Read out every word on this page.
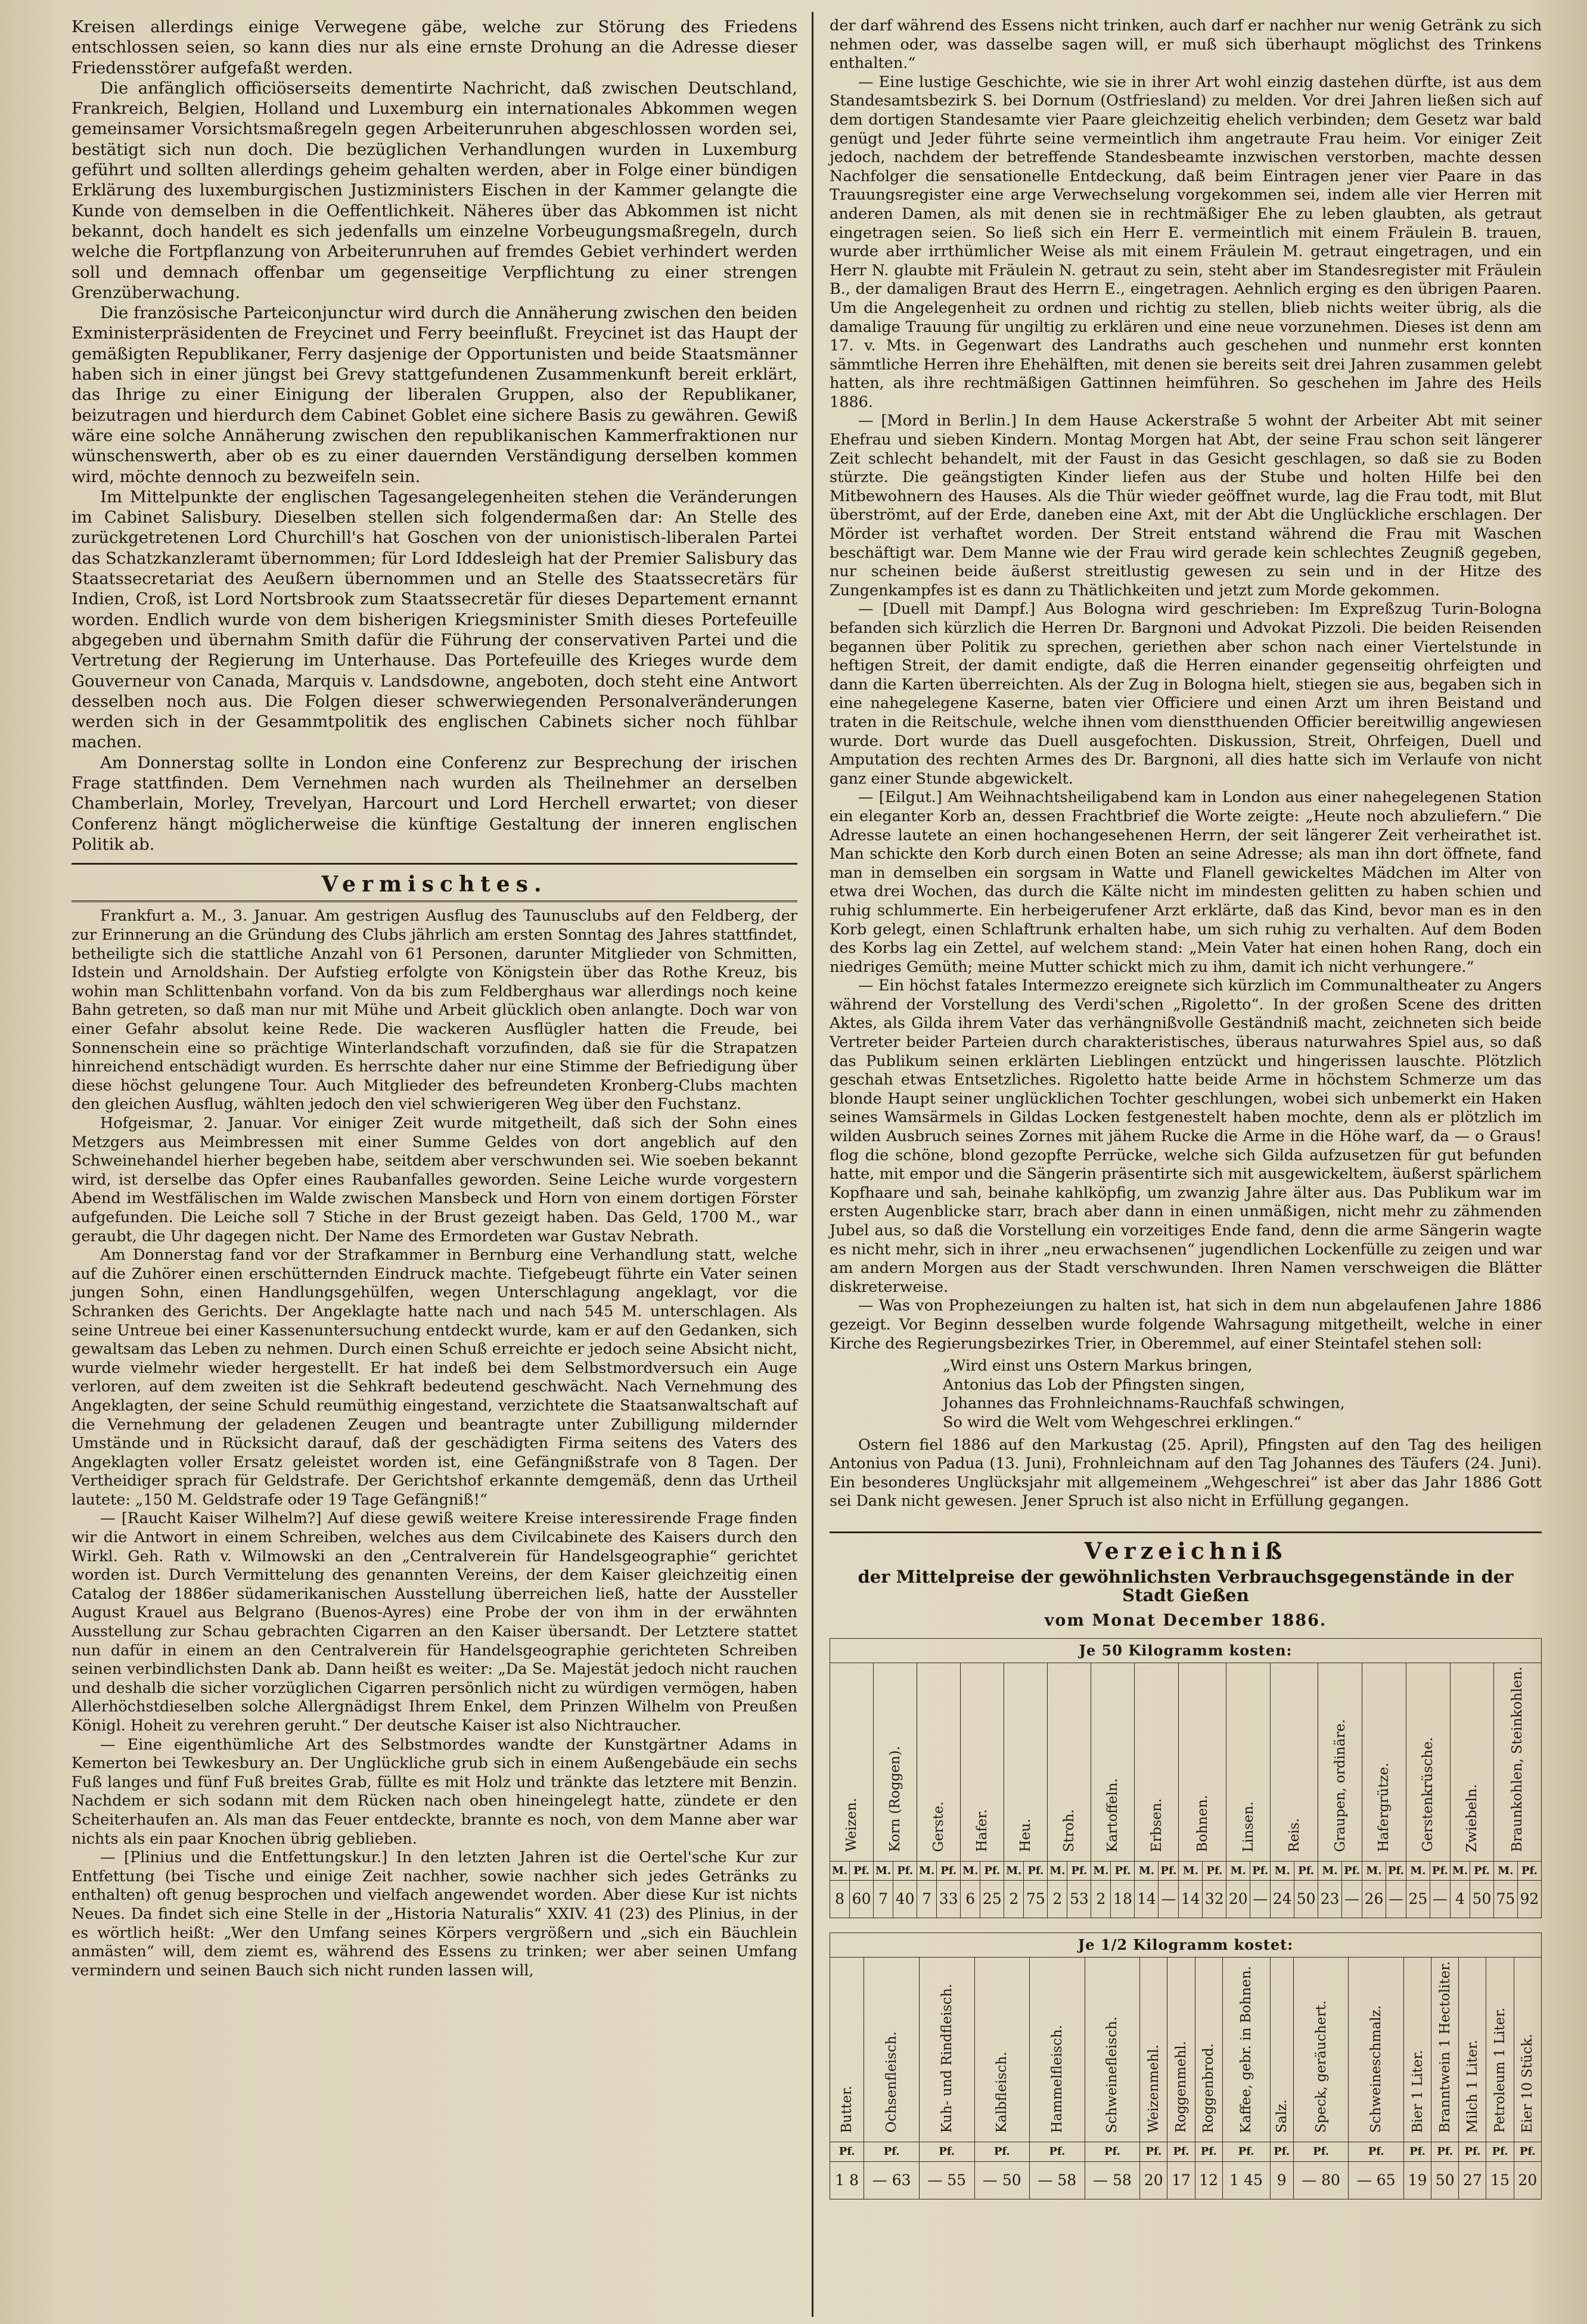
Kreisen allerdings einige Verwegene gäbe, welche zur Störung des Friedens entschlossen seien, so kann dies nur als eine ernste Drohung an die Adresse dieser Friedensstörer aufgefaßt werden.

Die anfänglich officiöserseits dementirte Nachricht, daß zwischen Deutschland, Frankreich, Belgien, Holland und Luxemburg ein internationales Abkommen wegen gemeinsamer Vorsichtsmaßregeln gegen Arbeiterunruhen abgeschlossen worden sei, bestätigt sich nun doch. Die bezüglichen Verhandlungen wurden in Luxemburg geführt und sollten allerdings geheim gehalten werden, aber in Folge einer bündigen Erklärung des luxemburgischen Justizministers Eischen in der Kammer gelangte die Kunde von demselben in die Oeffentlichkeit. Näheres über das Abkommen ist nicht bekannt, doch handelt es sich jedenfalls um einzelne Vorbeugungsmaßregeln, durch welche die Fortpflanzung von Arbeiterunruhen auf fremdes Gebiet verhindert werden soll und demnach offenbar um gegenseitige Verpflichtung zu einer strengen Grenzüberwachung.

Die französische Parteiconjunctur wird durch die Annäherung zwischen den beiden Exministerpräsidenten de Freycinet und Ferry beeinflußt. Freycinet ist das Haupt der gemäßigten Republikaner, Ferry dasjenige der Opportunisten und beide Staatsmänner haben sich in einer jüngst bei Grevy stattgefundenen Zusammenkunft bereit erklärt, das Ihrige zu einer Einigung der liberalen Gruppen, also der Republikaner, beizutragen und hierdurch dem Cabinet Goblet eine sichere Basis zu gewähren. Gewiß wäre eine solche Annäherung zwischen den republikanischen Kammerfraktionen nur wünschenswerth, aber ob es zu einer dauernden Verständigung derselben kommen wird, möchte dennoch zu bezweifeln sein.

Im Mittelpunkte der englischen Tagesangelegenheiten stehen die Veränderungen im Cabinet Salisbury. Dieselben stellen sich folgendermaßen dar: An Stelle des zurückgetretenen Lord Churchill's hat Goschen von der unionistisch-liberalen Partei das Schatzkanzleramt übernommen; für Lord Iddesleigh hat der Premier Salisbury das Staatssecretariat des Aeußern übernommen und an Stelle des Staatssecretärs für Indien, Croß, ist Lord Nortsbrook zum Staatssecretär für dieses Departement ernannt worden. Endlich wurde von dem bisherigen Kriegsminister Smith dieses Portefeuille abgegeben und übernahm Smith dafür die Führung der conservativen Partei und die Vertretung der Regierung im Unterhause. Das Portefeuille des Krieges wurde dem Gouverneur von Canada, Marquis v. Landsdowne, angeboten, doch steht eine Antwort desselben noch aus. Die Folgen dieser schwerwiegenden Personalveränderungen werden sich in der Gesammtpolitik des englischen Cabinets sicher noch fühlbar machen.

Am Donnerstag sollte in London eine Conferenz zur Besprechung der irischen Frage stattfinden. Dem Vernehmen nach wurden als Theilnehmer an derselben Chamberlain, Morley, Trevelyan, Harcourt und Lord Herchell erwartet; von dieser Conferenz hängt möglicherweise die künftige Gestaltung der inneren englischen Politik ab.

Vermischtes.

Frankfurt a. M., 3. Januar. Am gestrigen Ausflug des Taunusclubs auf den Feldberg, der zur Erinnerung an die Gründung des Clubs jährlich am ersten Sonntag des Jahres stattfindet, betheiligte sich die stattliche Anzahl von 61 Personen, darunter Mitglieder von Schmitten, Idstein und Arnoldshain. Der Aufstieg erfolgte von Königstein über das Rothe Kreuz, bis wohin man Schlittenbahn vorfand. Von da bis zum Feldberghaus war allerdings noch keine Bahn getreten, so daß man nur mit Mühe und Arbeit glücklich oben anlangte. Doch war von einer Gefahr absolut keine Rede. Die wackeren Ausflügler hatten die Freude, bei Sonnenschein eine so prächtige Winterlandschaft vorzufinden, daß sie für die Strapatzen hinreichend entschädigt wurden. Es herrschte daher nur eine Stimme der Befriedigung über diese höchst gelungene Tour. Auch Mitglieder des befreundeten Kronberg-Clubs machten den gleichen Ausflug, wählten jedoch den viel schwierigeren Weg über den Fuchstanz.

Hofgeismar, 2. Januar. Vor einiger Zeit wurde mitgetheilt, daß sich der Sohn eines Metzgers aus Meimbressen mit einer Summe Geldes von dort angeblich auf den Schweinehandel hierher begeben habe, seitdem aber verschwunden sei. Wie soeben bekannt wird, ist derselbe das Opfer eines Raubanfalles geworden. Seine Leiche wurde vorgestern Abend im Westfälischen im Walde zwischen Mansbeck und Horn von einem dortigen Förster aufgefunden. Die Leiche soll 7 Stiche in der Brust gezeigt haben. Das Geld, 1700 M., war geraubt, die Uhr dagegen nicht. Der Name des Ermordeten war Gustav Nebrath.

Am Donnerstag fand vor der Strafkammer in Bernburg eine Verhandlung statt, welche auf die Zuhörer einen erschütternden Eindruck machte. Tiefgebeugt führte ein Vater seinen jungen Sohn, einen Handlungsgehülfen, wegen Unterschlagung angeklagt, vor die Schranken des Gerichts. Der Angeklagte hatte nach und nach 545 M. unterschlagen. Als seine Untreue bei einer Kassenuntersuchung entdeckt wurde, kam er auf den Gedanken, sich gewaltsam das Leben zu nehmen. Durch einen Schuß erreichte er jedoch seine Absicht nicht, wurde vielmehr wieder hergestellt. Er hat indeß bei dem Selbstmordversuch ein Auge verloren, auf dem zweiten ist die Sehkraft bedeutend geschwächt. Nach Vernehmung des Angeklagten, der seine Schuld reumüthig eingestand, verzichtete die Staatsanwaltschaft auf die Vernehmung der geladenen Zeugen und beantragte unter Zubilligung mildernder Umstände und in Rücksicht darauf, daß der geschädigten Firma seitens des Vaters des Angeklagten voller Ersatz geleistet worden ist, eine Gefängnißstrafe von 8 Tagen. Der Vertheidiger sprach für Geldstrafe. Der Gerichtshof erkannte demgemäß, denn das Urtheil lautete: „150 M. Geldstrafe oder 19 Tage Gefängniß!“

— [Raucht Kaiser Wilhelm?] Auf diese gewiß weitere Kreise interessirende Frage finden wir die Antwort in einem Schreiben, welches aus dem Civilcabinete des Kaisers durch den Wirkl. Geh. Rath v. Wilmowski an den „Centralverein für Handelsgeographie“ gerichtet worden ist. Durch Vermittelung des genannten Vereins, der dem Kaiser gleichzeitig einen Catalog der 1886er südamerikanischen Ausstellung überreichen ließ, hatte der Aussteller August Krauel aus Belgrano (Buenos-Ayres) eine Probe der von ihm in der erwähnten Ausstellung zur Schau gebrachten Cigarren an den Kaiser übersandt. Der Letztere stattet nun dafür in einem an den Centralverein für Handelsgeographie gerichteten Schreiben seinen verbindlichsten Dank ab. Dann heißt es weiter: „Da Se. Majestät jedoch nicht rauchen und deshalb die sicher vorzüglichen Cigarren persönlich nicht zu würdigen vermögen, haben Allerhöchstdieselben solche Allergnädigst Ihrem Enkel, dem Prinzen Wilhelm von Preußen Königl. Hoheit zu verehren geruht.“ Der deutsche Kaiser ist also Nichtraucher.

— Eine eigenthümliche Art des Selbstmordes wandte der Kunstgärtner Adams in Kemerton bei Tewkesbury an. Der Unglückliche grub sich in einem Außengebäude ein sechs Fuß langes und fünf Fuß breites Grab, füllte es mit Holz und tränkte das letztere mit Benzin. Nachdem er sich sodann mit dem Rücken nach oben hineingelegt hatte, zündete er den Scheiterhaufen an. Als man das Feuer entdeckte, brannte es noch, von dem Manne aber war nichts als ein paar Knochen übrig geblieben.

— [Plinius und die Entfettungskur.] In den letzten Jahren ist die Oertel'sche Kur zur Entfettung (bei Tische und einige Zeit nachher, sowie nachher sich jedes Getränks zu enthalten) oft genug besprochen und vielfach angewendet worden. Aber diese Kur ist nichts Neues. Da findet sich eine Stelle in der „Historia Naturalis“ XXIV. 41 (23) des Plinius, in der es wörtlich heißt: „Wer den Umfang seines Körpers vergrößern und „sich ein Bäuchlein anmästen“ will, dem ziemt es, während des Essens zu trinken; wer aber seinen Umfang vermindern und seinen Bauch sich nicht runden lassen will,

der darf während des Essens nicht trinken, auch darf er nachher nur wenig Getränk zu sich nehmen oder, was dasselbe sagen will, er muß sich überhaupt möglichst des Trinkens enthalten.“

— Eine lustige Geschichte, wie sie in ihrer Art wohl einzig dastehen dürfte, ist aus dem Standesamtsbezirk S. bei Dornum (Ostfriesland) zu melden. Vor drei Jahren ließen sich auf dem dortigen Standesamte vier Paare gleichzeitig ehelich verbinden; dem Gesetz war bald genügt und Jeder führte seine vermeintlich ihm angetraute Frau heim. Vor einiger Zeit jedoch, nachdem der betreffende Standesbeamte inzwischen verstorben, machte dessen Nachfolger die sensationelle Entdeckung, daß beim Eintragen jener vier Paare in das Trauungsregister eine arge Verwechselung vorgekommen sei, indem alle vier Herren mit anderen Damen, als mit denen sie in rechtmäßiger Ehe zu leben glaubten, als getraut eingetragen seien. So ließ sich ein Herr E. vermeintlich mit einem Fräulein B. trauen, wurde aber irrthümlicher Weise als mit einem Fräulein M. getraut eingetragen, und ein Herr N. glaubte mit Fräulein N. getraut zu sein, steht aber im Standesregister mit Fräulein B., der damaligen Braut des Herrn E., eingetragen. Aehnlich erging es den übrigen Paaren. Um die Angelegenheit zu ordnen und richtig zu stellen, blieb nichts weiter übrig, als die damalige Trauung für ungiltig zu erklären und eine neue vorzunehmen. Dieses ist denn am 17. v. Mts. in Gegenwart des Landraths auch geschehen und nunmehr erst konnten sämmtliche Herren ihre Ehehälften, mit denen sie bereits seit drei Jahren zusammen gelebt hatten, als ihre rechtmäßigen Gattinnen heimführen. So geschehen im Jahre des Heils 1886.

— [Mord in Berlin.] In dem Hause Ackerstraße 5 wohnt der Arbeiter Abt mit seiner Ehefrau und sieben Kindern. Montag Morgen hat Abt, der seine Frau schon seit längerer Zeit schlecht behandelt, mit der Faust in das Gesicht geschlagen, so daß sie zu Boden stürzte. Die geängstigten Kinder liefen aus der Stube und holten Hilfe bei den Mitbewohnern des Hauses. Als die Thür wieder geöffnet wurde, lag die Frau todt, mit Blut überströmt, auf der Erde, daneben eine Axt, mit der Abt die Unglückliche erschlagen. Der Mörder ist verhaftet worden. Der Streit entstand während die Frau mit Waschen beschäftigt war. Dem Manne wie der Frau wird gerade kein schlechtes Zeugniß gegeben, nur scheinen beide äußerst streitlustig gewesen zu sein und in der Hitze des Zungenkampfes ist es dann zu Thätlichkeiten und jetzt zum Morde gekommen.

— [Duell mit Dampf.] Aus Bologna wird geschrieben: Im Expreßzug Turin-Bologna befanden sich kürzlich die Herren Dr. Bargnoni und Advokat Pizzoli. Die beiden Reisenden begannen über Politik zu sprechen, geriethen aber schon nach einer Viertelstunde in heftigen Streit, der damit endigte, daß die Herren einander gegenseitig ohrfeigten und dann die Karten überreichten. Als der Zug in Bologna hielt, stiegen sie aus, begaben sich in eine nahegelegene Kaserne, baten vier Officiere und einen Arzt um ihren Beistand und traten in die Reitschule, welche ihnen vom dienstthuenden Officier bereitwillig angewiesen wurde. Dort wurde das Duell ausgefochten. Diskussion, Streit, Ohrfeigen, Duell und Amputation des rechten Armes des Dr. Bargnoni, all dies hatte sich im Verlaufe von nicht ganz einer Stunde abgewickelt.

— [Eilgut.] Am Weihnachtsheiligabend kam in London aus einer nahegelegenen Station ein eleganter Korb an, dessen Frachtbrief die Worte zeigte: „Heute noch abzuliefern.“ Die Adresse lautete an einen hochangesehenen Herrn, der seit längerer Zeit verheirathet ist. Man schickte den Korb durch einen Boten an seine Adresse; als man ihn dort öffnete, fand man in demselben ein sorgsam in Watte und Flanell gewickeltes Mädchen im Alter von etwa drei Wochen, das durch die Kälte nicht im mindesten gelitten zu haben schien und ruhig schlummerte. Ein herbeigerufener Arzt erklärte, daß das Kind, bevor man es in den Korb gelegt, einen Schlaftrunk erhalten habe, um sich ruhig zu verhalten. Auf dem Boden des Korbs lag ein Zettel, auf welchem stand: „Mein Vater hat einen hohen Rang, doch ein niedriges Gemüth; meine Mutter schickt mich zu ihm, damit ich nicht verhungere.“

— Ein höchst fatales Intermezzo ereignete sich kürzlich im Communaltheater zu Angers während der Vorstellung des Verdi'schen „Rigoletto“. In der großen Scene des dritten Aktes, als Gilda ihrem Vater das verhängnißvolle Geständniß macht, zeichneten sich beide Vertreter beider Parteien durch charakteristisches, überaus naturwahres Spiel aus, so daß das Publikum seinen erklärten Lieblingen entzückt und hingerissen lauschte. Plötzlich geschah etwas Entsetzliches. Rigoletto hatte beide Arme in höchstem Schmerze um das blonde Haupt seiner unglücklichen Tochter geschlungen, wobei sich unbemerkt ein Haken seines Wamsärmels in Gildas Locken festgenestelt haben mochte, denn als er plötzlich im wilden Ausbruch seines Zornes mit jähem Rucke die Arme in die Höhe warf, da — o Graus! flog die schöne, blond gezopfte Perrücke, welche sich Gilda aufzusetzen für gut befunden hatte, mit empor und die Sängerin präsentirte sich mit ausgewickeltem, äußerst spärlichem Kopfhaare und sah, beinahe kahlköpfig, um zwanzig Jahre älter aus. Das Publikum war im ersten Augenblicke starr, brach aber dann in einen unmäßigen, nicht mehr zu zähmenden Jubel aus, so daß die Vorstellung ein vorzeitiges Ende fand, denn die arme Sängerin wagte es nicht mehr, sich in ihrer „neu erwachsenen“ jugendlichen Lockenfülle zu zeigen und war am andern Morgen aus der Stadt verschwunden. Ihren Namen verschweigen die Blätter diskreterweise.

— Was von Prophezeiungen zu halten ist, hat sich in dem nun abgelaufenen Jahre 1886 gezeigt. Vor Beginn desselben wurde folgende Wahrsagung mitgetheilt, welche in einer Kirche des Regierungsbezirkes Trier, in Oberemmel, auf einer Steintafel stehen soll:

„Wird einst uns Ostern Markus bringen,
Antonius das Lob der Pfingsten singen,
Johannes das Frohnleichnams-Rauchfaß schwingen,
So wird die Welt vom Wehgeschrei erklingen.“

Ostern fiel 1886 auf den Markustag (25. April), Pfingsten auf den Tag des heiligen Antonius von Padua (13. Juni), Frohnleichnam auf den Tag Johannes des Täufers (24. Juni). Ein besonderes Unglücksjahr mit allgemeinem „Wehgeschrei“ ist aber das Jahr 1886 Gott sei Dank nicht gewesen. Jener Spruch ist also nicht in Erfüllung gegangen.

Verzeichniß
der Mittelpreise der gewöhnlichsten Verbrauchsgegenstände in der Stadt Gießen
vom Monat December 1886.
Je 50 Kilogramm kosten:																															
Weizen.		Korn (Roggen).		Gerste.		Hafer.		Heu.		Stroh.		Kartoffeln.		Erbsen.		Bohnen.		Linsen.		Reis.		Graupen, ordinäre.		Hafergrütze.		Gerstenkrüsche.		Zwiebeln.		Braunkohlen, Steinkohlen.	
M.	Pf.	M.	Pf.	M.	Pf.	M.	Pf.	M.	Pf.	M.	Pf.	M.	Pf.	M.	Pf.	M.	Pf.	M.	Pf.	M.	Pf.	M.	Pf.	M.	Pf.	M.	Pf.	M.	Pf.	M.	Pf.
8	60	7	40	7	33	6	25	2	75	2	53	2	18	14	—	14	32	20	—	24	50	23	—	26	—	25	—	4	50	75	92
Je 1/2 Kilogramm kostet:																	
Butter.	Ochsenfleisch.	Kuh- und Rindfleisch.	Kalbfleisch.	Hammelfleisch.	Schweinefleisch.	Weizenmehl.	Roggenmehl.	Roggenbrod.	Kaffee, gebr. in Bohnen.	Salz.	Speck, geräuchert.	Schweineschmalz.	Bier 1 Liter.	Branntwein 1 Hectoliter.	Milch 1 Liter.	Petroleum 1 Liter.	Eier 10 Stück.
Pf.	Pf.	Pf.	Pf.	Pf.	Pf.	Pf.	Pf.	Pf.	Pf.	Pf.	Pf.	Pf.	Pf.	Pf.	Pf.	Pf.	Pf.
1 8	— 63	— 55	— 50	— 58	— 58	20	17	12	1 45	9	— 80	— 65	19	50	27	15	20
